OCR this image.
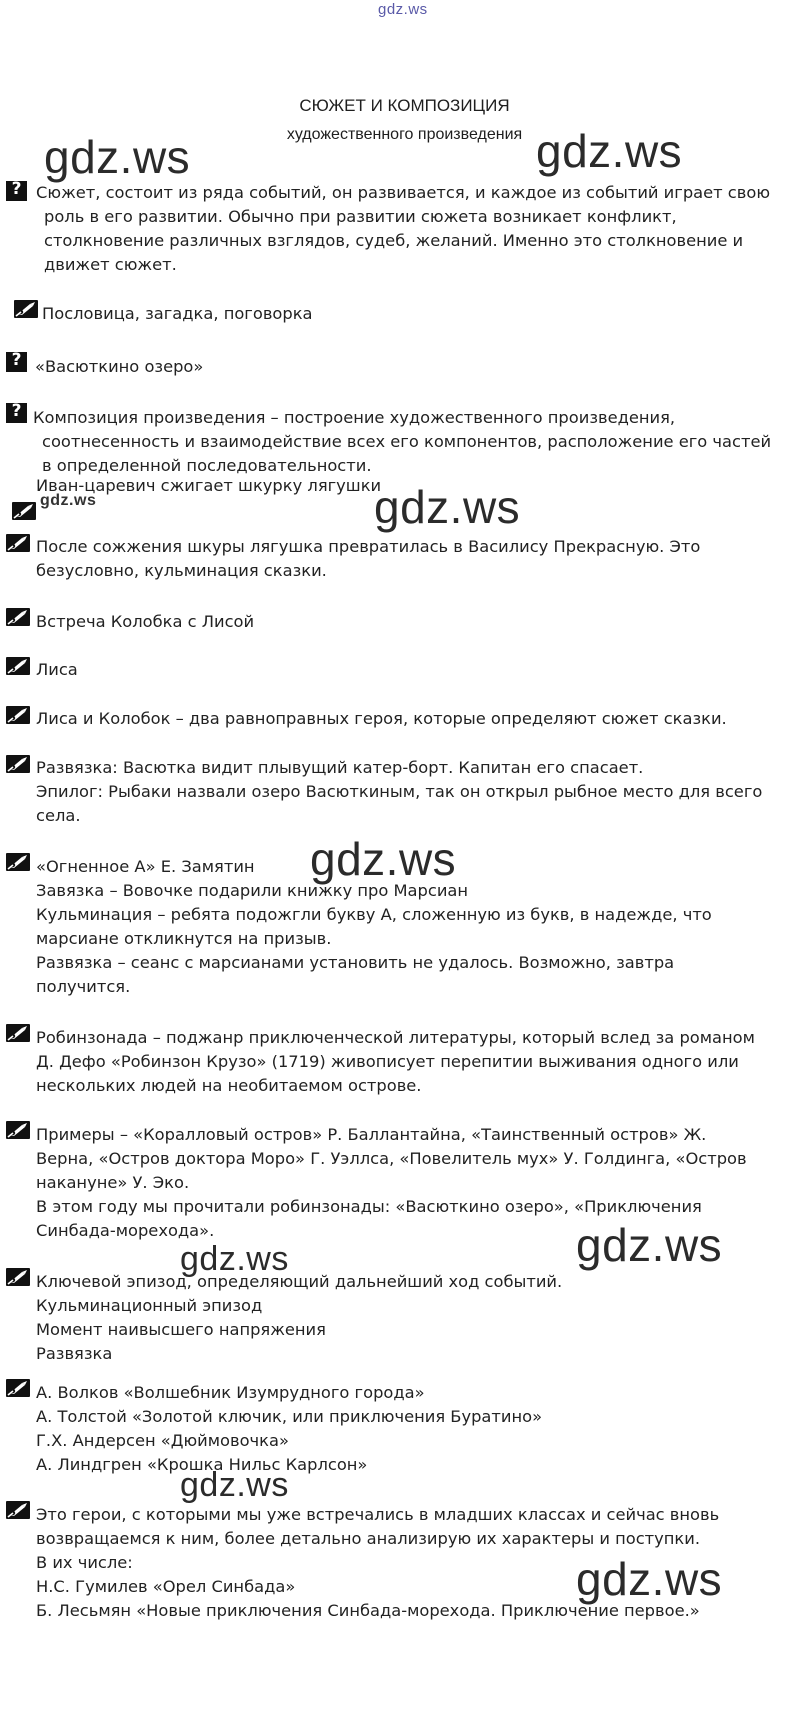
gdz.ws
СЮЖЕТ И КОМПОЗИЦИЯ
художественного произведения
? Сюжет, состоит из ряда событий, он развивается, и каждое из событий играет свою
роль в его развитии. Обычно при развитии сюжета возникает конфликт,
столкновение различных взглядов, судеб, желаний. Именно это столкновение и
движет сюжет.
Пословица, загадка, поговорка
? «Васюткино озеро»
? Композиция произведения – построение художественного произведения,
соотнесенность и взаимодействие всех его компонентов, расположение его частей
в определенной последовательности.
Иван-царевич сжигает шкурку лягушки
После сожжения шкуры лягушка превратилась в Василису Прекрасную. Это
безусловно, кульминация сказки.
Встреча Колобка с Лисой
Лиса
Лиса и Колобок – два равноправных героя, которые определяют сюжет сказки.
Развязка: Васютка видит плывущий катер-борт. Капитан его спасает.
Эпилог: Рыбаки назвали озеро Васюткиным, так он открыл рыбное место для всего
села.
«Огненное А» Е. Замятин
Завязка – Вовочке подарили книжку про Марсиан
Кульминация – ребята подожгли букву А, сложенную из букв, в надежде, что
марсиане откликнутся на призыв.
Развязка – сеанс с марсианами установить не удалось. Возможно, завтра
получится.
Робинзонада – поджанр приключенческой литературы, который вслед за романом
Д. Дефо «Робинзон Крузо» (1719) живописует перепитии выживания одного или
нескольких людей на необитаемом острове.
Примеры – «Коралловый остров» Р. Баллантайна, «Таинственный остров» Ж.
Верна, «Остров доктора Моро» Г. Уэллса, «Повелитель мух» У. Голдинга, «Остров
накануне» У. Эко.
В этом году мы прочитали робинзонады: «Васюткино озеро», «Приключения
Синбада-морехода».
Ключевой эпизод, определяющий дальнейший ход событий.
Кульминационный эпизод
Момент наивысшего напряжения
Развязка
А. Волков «Волшебник Изумрудного города»
А. Толстой «Золотой ключик, или приключения Буратино»
Г.Х. Андерсен «Дюймовочка»
А. Линдгрен «Крошка Нильс Карлсон»
Это герои, с которыми мы уже встречались в младших классах и сейчас вновь
возвращаемся к ним, более детально анализирую их характеры и поступки.
В их числе:
Н.С. Гумилев «Орел Синбада»
Б. Лесьмян «Новые приключения Синбада-морехода. Приключение первое.»
gdz.ws	gdz.ws
gdz.ws	gdz.ws
gdz.ws
gdz.ws
gdz.ws
gdz.ws
gdz.ws
